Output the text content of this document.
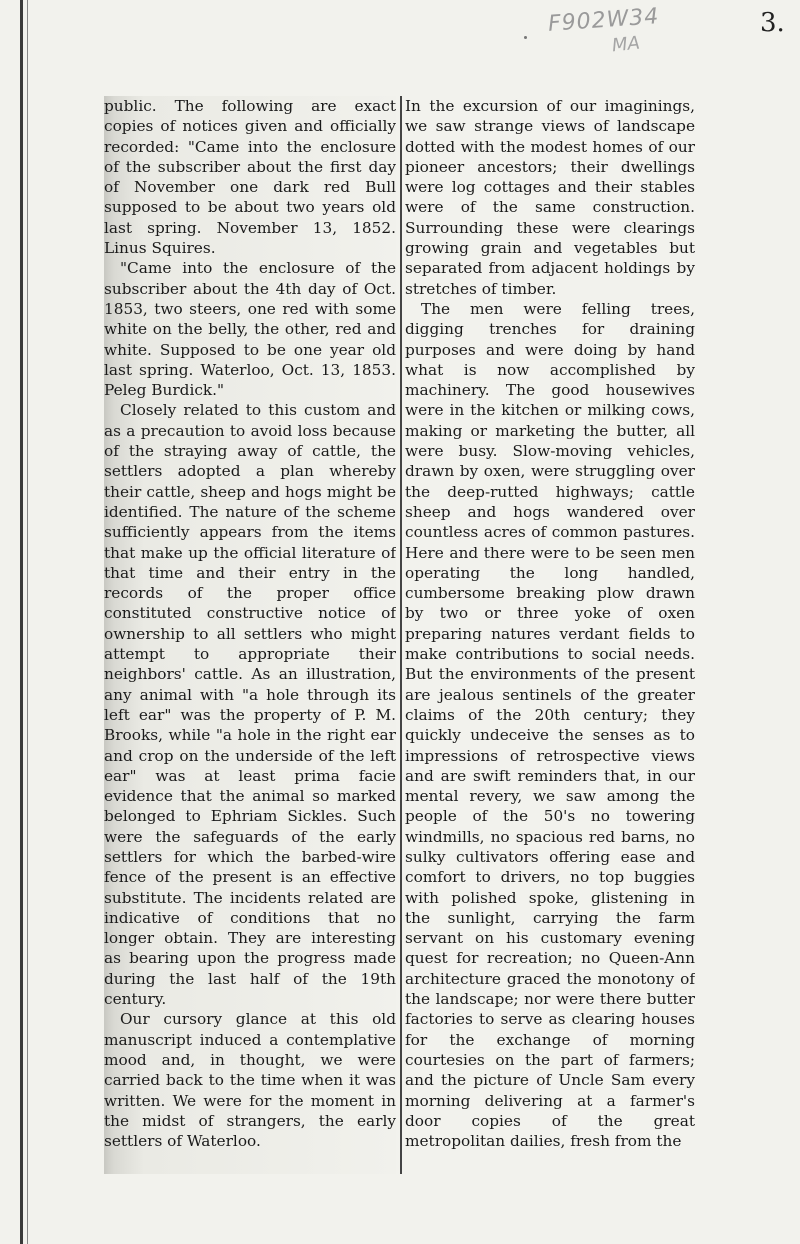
F902W34
MA
3.

public. The following are exact copies of notices given and officially recorded: "Came into the enclosure of the subscriber about the first day of November one dark red Bull supposed to be about two years old last spring. November 13, 1852. Linus Squires.

"Came into the enclosure of the subscriber about the 4th day of Oct. 1853, two steers, one red with some white on the belly, the other, red and white. Supposed to be one year old last spring. Waterloo, Oct. 13, 1853. Peleg Burdick."

Closely related to this custom and as a precaution to avoid loss because of the straying away of cattle, the settlers adopted a plan whereby their cattle, sheep and hogs might be identified. The nature of the scheme sufficiently appears from the items that make up the official literature of that time and their entry in the records of the proper office constituted constructive notice of ownership to all settlers who might attempt to appropriate their neighbors' cattle. As an illustration, any animal with "a hole through its left ear" was the property of P. M. Brooks, while "a hole in the right ear and crop on the underside of the left ear" was at least prima facie evidence that the animal so marked belonged to Ephriam Sickles. Such were the safeguards of the early settlers for which the barbed-wire fence of the present is an effective substitute. The incidents related are indicative of conditions that no longer obtain. They are interesting as bearing upon the progress made during the last half of the 19th century.

Our cursory glance at this old manuscript induced a contemplative mood and, in thought, we were carried back to the time when it was written. We were for the moment in the midst of strangers, the early settlers of Waterloo.

In the excursion of our imaginings, we saw strange views of landscape dotted with the modest homes of our pioneer ancestors; their dwellings were log cottages and their stables were of the same construction. Surrounding these were clearings growing grain and vegetables but separated from adjacent holdings by stretches of timber.

The men were felling trees, digging trenches for draining purposes and were doing by hand what is now accomplished by machinery. The good housewives were in the kitchen or milking cows, making or marketing the butter, all were busy. Slow-moving vehicles, drawn by oxen, were struggling over the deep-rutted highways; cattle sheep and hogs wandered over countless acres of common pastures. Here and there were to be seen men operating the long handled, cumbersome breaking plow drawn by two or three yoke of oxen preparing natures verdant fields to make contributions to social needs. But the environments of the present are jealous sentinels of the greater claims of the 20th century; they quickly undeceive the senses as to impressions of retrospective views and are swift reminders that, in our mental revery, we saw among the people of the 50's no towering windmills, no spacious red barns, no sulky cultivators offering ease and comfort to drivers, no top buggies with polished spoke, glistening in the sunlight, carrying the farm servant on his customary evening quest for recreation; no Queen-Ann architecture graced the monotony of the landscape; nor were there butter factories to serve as clearing houses for the exchange of morning courtesies on the part of farmers; and the picture of Uncle Sam every morning delivering at a farmer's door copies of the great metropolitan dailies, fresh from the
